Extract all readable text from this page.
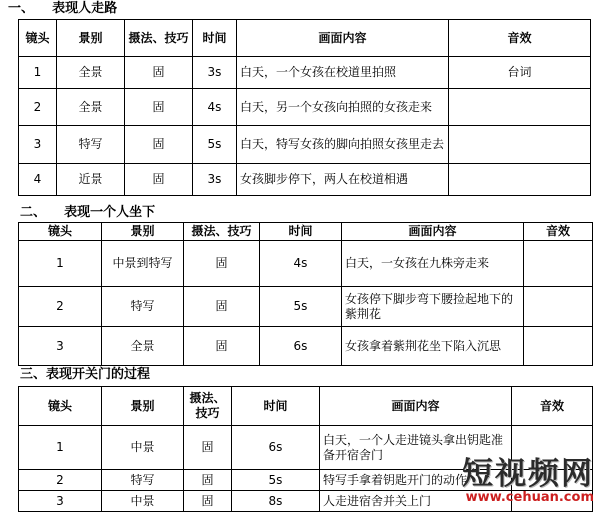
一、    表现人走路
镜头	景别	摄法、技巧	时间	画面内容	音效
1	全景	固	3s	白天，一个女孩在校道里拍照	台词
2	全景	固	4s	白天，另一个女孩向拍照的女孩走来	
3	特写	固	5s	白天，特写女孩的脚向拍照女孩里走去	
4	近景	固	3s	女孩脚步停下，两人在校道相遇	
二、    表现一个人坐下
镜头	景别	摄法、技巧	时间	画面内容	音效
1	中景到特写	固	4s	白天，一女孩在九株旁走来	
2	特写	固	5s	女孩停下脚步弯下腰捡起地下的紫荆花	
3	全景	固	6s	女孩拿着紫荆花坐下陷入沉思	
三、表现开关门的过程
镜头	景别	摄法、技巧	时间	画面内容	音效
1	中景	固	6s	白天，一个人走进镜头拿出钥匙准备开宿舍门	
2	特写	固	5s	特写手拿着钥匙开门的动作	
3	中景	固	8s	人走进宿舍并关上门	
短视频网
www.cehuan.com
